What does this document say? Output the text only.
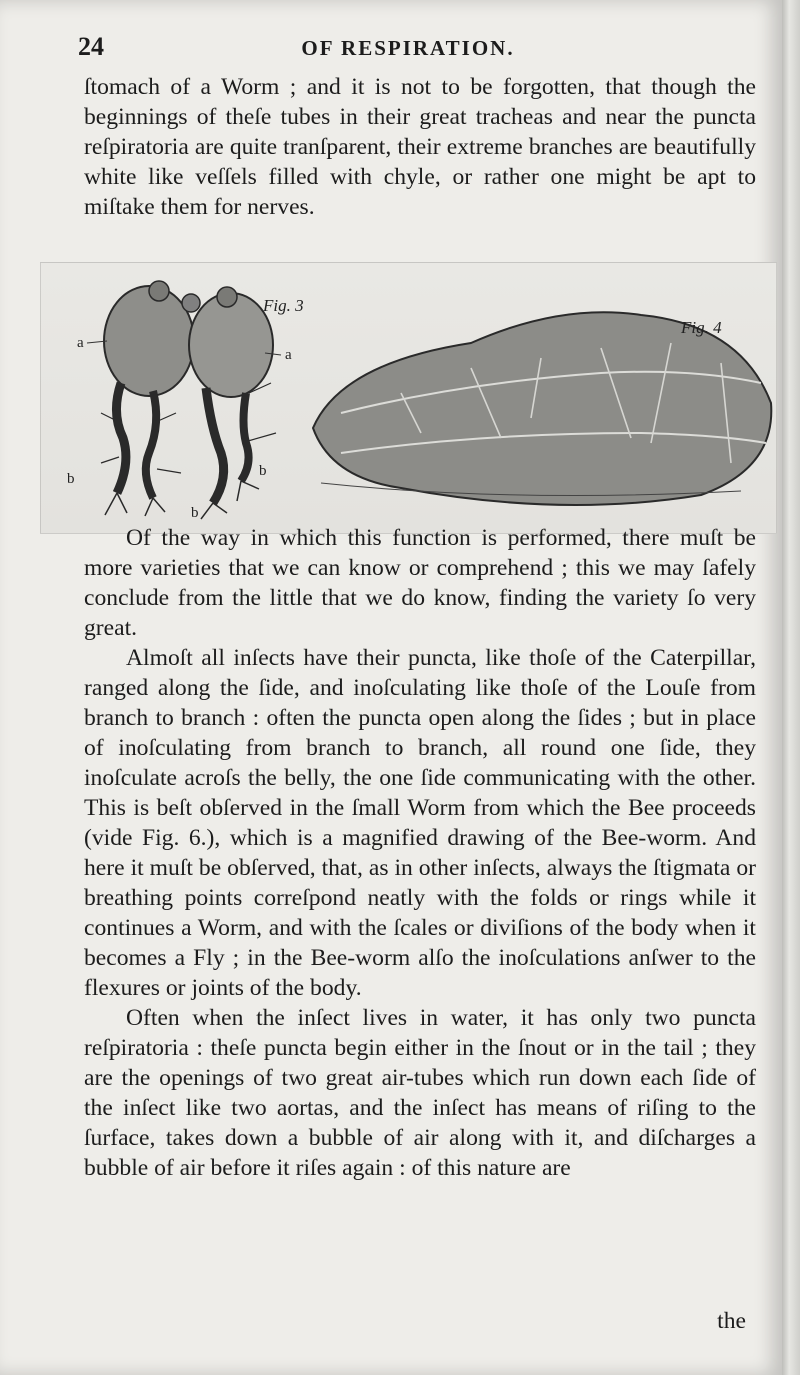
24	OF RESPIRATION.

ſtomach of a Worm ; and it is not to be forgotten, that though the beginnings of theſe tubes in their great tracheas and near the puncta reſpiratoria are quite tranſparent, their extreme branches are beautifully white like veſſels filled with chyle, or rather one might be apt to miſtake them for nerves.

Fig. 3
a
a
b	b
b
Fig. 4

Of the way in which this function is performed, there muſt be more varieties that we can know or comprehend ; this we may ſafely conclude from the little that we do know, finding the variety ſo very great.

Almoſt all inſects have their puncta, like thoſe of the Caterpillar, ranged along the ſide, and inoſculating like thoſe of the Louſe from branch to branch : often the puncta open along the ſides ; but in place of inoſculating from branch to branch, all round one ſide, they inoſculate acroſs the belly, the one ſide communicating with the other. This is beſt obſerved in the ſmall Worm from which the Bee proceeds (vide Fig. 6.), which is a magnified drawing of the Bee-worm. And here it muſt be obſerved, that, as in other inſects, always the ſtigmata or breathing points correſpond neatly with the folds or rings while it continues a Worm, and with the ſcales or diviſions of the body when it becomes a Fly ; in the Bee-worm alſo the inoſculations anſwer to the flexures or joints of the body.

Often when the inſect lives in water, it has only two puncta reſpiratoria : theſe puncta begin either in the ſnout or in the tail ; they are the openings of two great air-tubes which run down each ſide of the inſect like two aortas, and the inſect has means of riſing to the ſurface, takes down a bubble of air along with it, and diſcharges a bubble of air before it riſes again : of this nature are

the
